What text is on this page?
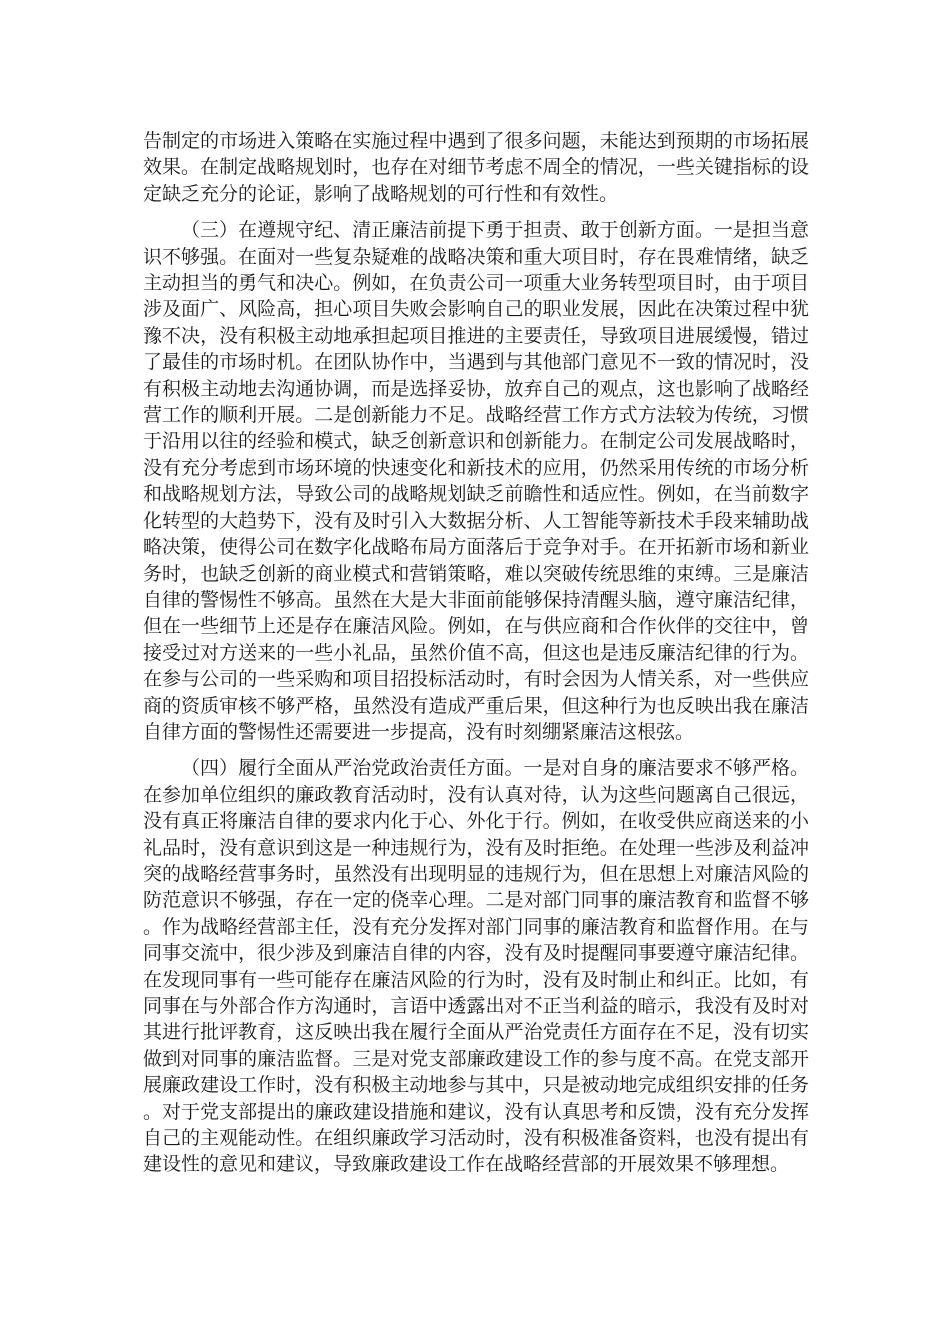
告制定的市场进入策略在实施过程中遇到了很多问题，未能达到预期的市场拓展效果。在制定战略规划时，也存在对细节考虑不周全的情况，一些关键指标的设定缺乏充分的论证，影响了战略规划的可行性和有效性。

（三）在遵规守纪、清正廉洁前提下勇于担责、敢于创新方面。一是担当意识不够强。在面对一些复杂疑难的战略决策和重大项目时，存在畏难情绪，缺乏主动担当的勇气和决心。例如，在负责公司一项重大业务转型项目时，由于项目涉及面广、风险高，担心项目失败会影响自己的职业发展，因此在决策过程中犹豫不决，没有积极主动地承担起项目推进的主要责任，导致项目进展缓慢，错过了最佳的市场时机。在团队协作中，当遇到与其他部门意见不一致的情况时，没有积极主动地去沟通协调，而是选择妥协，放弃自己的观点，这也影响了战略经营工作的顺利开展。二是创新能力不足。战略经营工作方式方法较为传统，习惯于沿用以往的经验和模式，缺乏创新意识和创新能力。在制定公司发展战略时，没有充分考虑到市场环境的快速变化和新技术的应用，仍然采用传统的市场分析和战略规划方法，导致公司的战略规划缺乏前瞻性和适应性。例如，在当前数字化转型的大趋势下，没有及时引入大数据分析、人工智能等新技术手段来辅助战略决策，使得公司在数字化战略布局方面落后于竞争对手。在开拓新市场和新业务时，也缺乏创新的商业模式和营销策略，难以突破传统思维的束缚。三是廉洁自律的警惕性不够高。虽然在大是大非面前能够保持清醒头脑，遵守廉洁纪律，但在一些细节上还是存在廉洁风险。例如，在与供应商和合作伙伴的交往中，曾接受过对方送来的一些小礼品，虽然价值不高，但这也是违反廉洁纪律的行为。在参与公司的一些采购和项目招投标活动时，有时会因为人情关系，对一些供应商的资质审核不够严格，虽然没有造成严重后果，但这种行为也反映出我在廉洁自律方面的警惕性还需要进一步提高，没有时刻绷紧廉洁这根弦。

（四）履行全面从严治党政治责任方面。一是对自身的廉洁要求不够严格。在参加单位组织的廉政教育活动时，没有认真对待，认为这些问题离自己很远，没有真正将廉洁自律的要求内化于心、外化于行。例如，在收受供应商送来的小礼品时，没有意识到这是一种违规行为，没有及时拒绝。在处理一些涉及利益冲突的战略经营事务时，虽然没有出现明显的违规行为，但在思想上对廉洁风险的防范意识不够强，存在一定的侥幸心理。二是对部门同事的廉洁教育和监督不够。作为战略经营部主任，没有充分发挥对部门同事的廉洁教育和监督作用。在与同事交流中，很少涉及到廉洁自律的内容，没有及时提醒同事要遵守廉洁纪律。在发现同事有一些可能存在廉洁风险的行为时，没有及时制止和纠正。比如，有同事在与外部合作方沟通时，言语中透露出对不正当利益的暗示，我没有及时对其进行批评教育，这反映出我在履行全面从严治党责任方面存在不足，没有切实做到对同事的廉洁监督。三是对党支部廉政建设工作的参与度不高。在党支部开展廉政建设工作时，没有积极主动地参与其中，只是被动地完成组织安排的任务。对于党支部提出的廉政建设措施和建议，没有认真思考和反馈，没有充分发挥自己的主观能动性。在组织廉政学习活动时，没有积极准备资料，也没有提出有建设性的意见和建议，导致廉政建设工作在战略经营部的开展效果不够理想。
